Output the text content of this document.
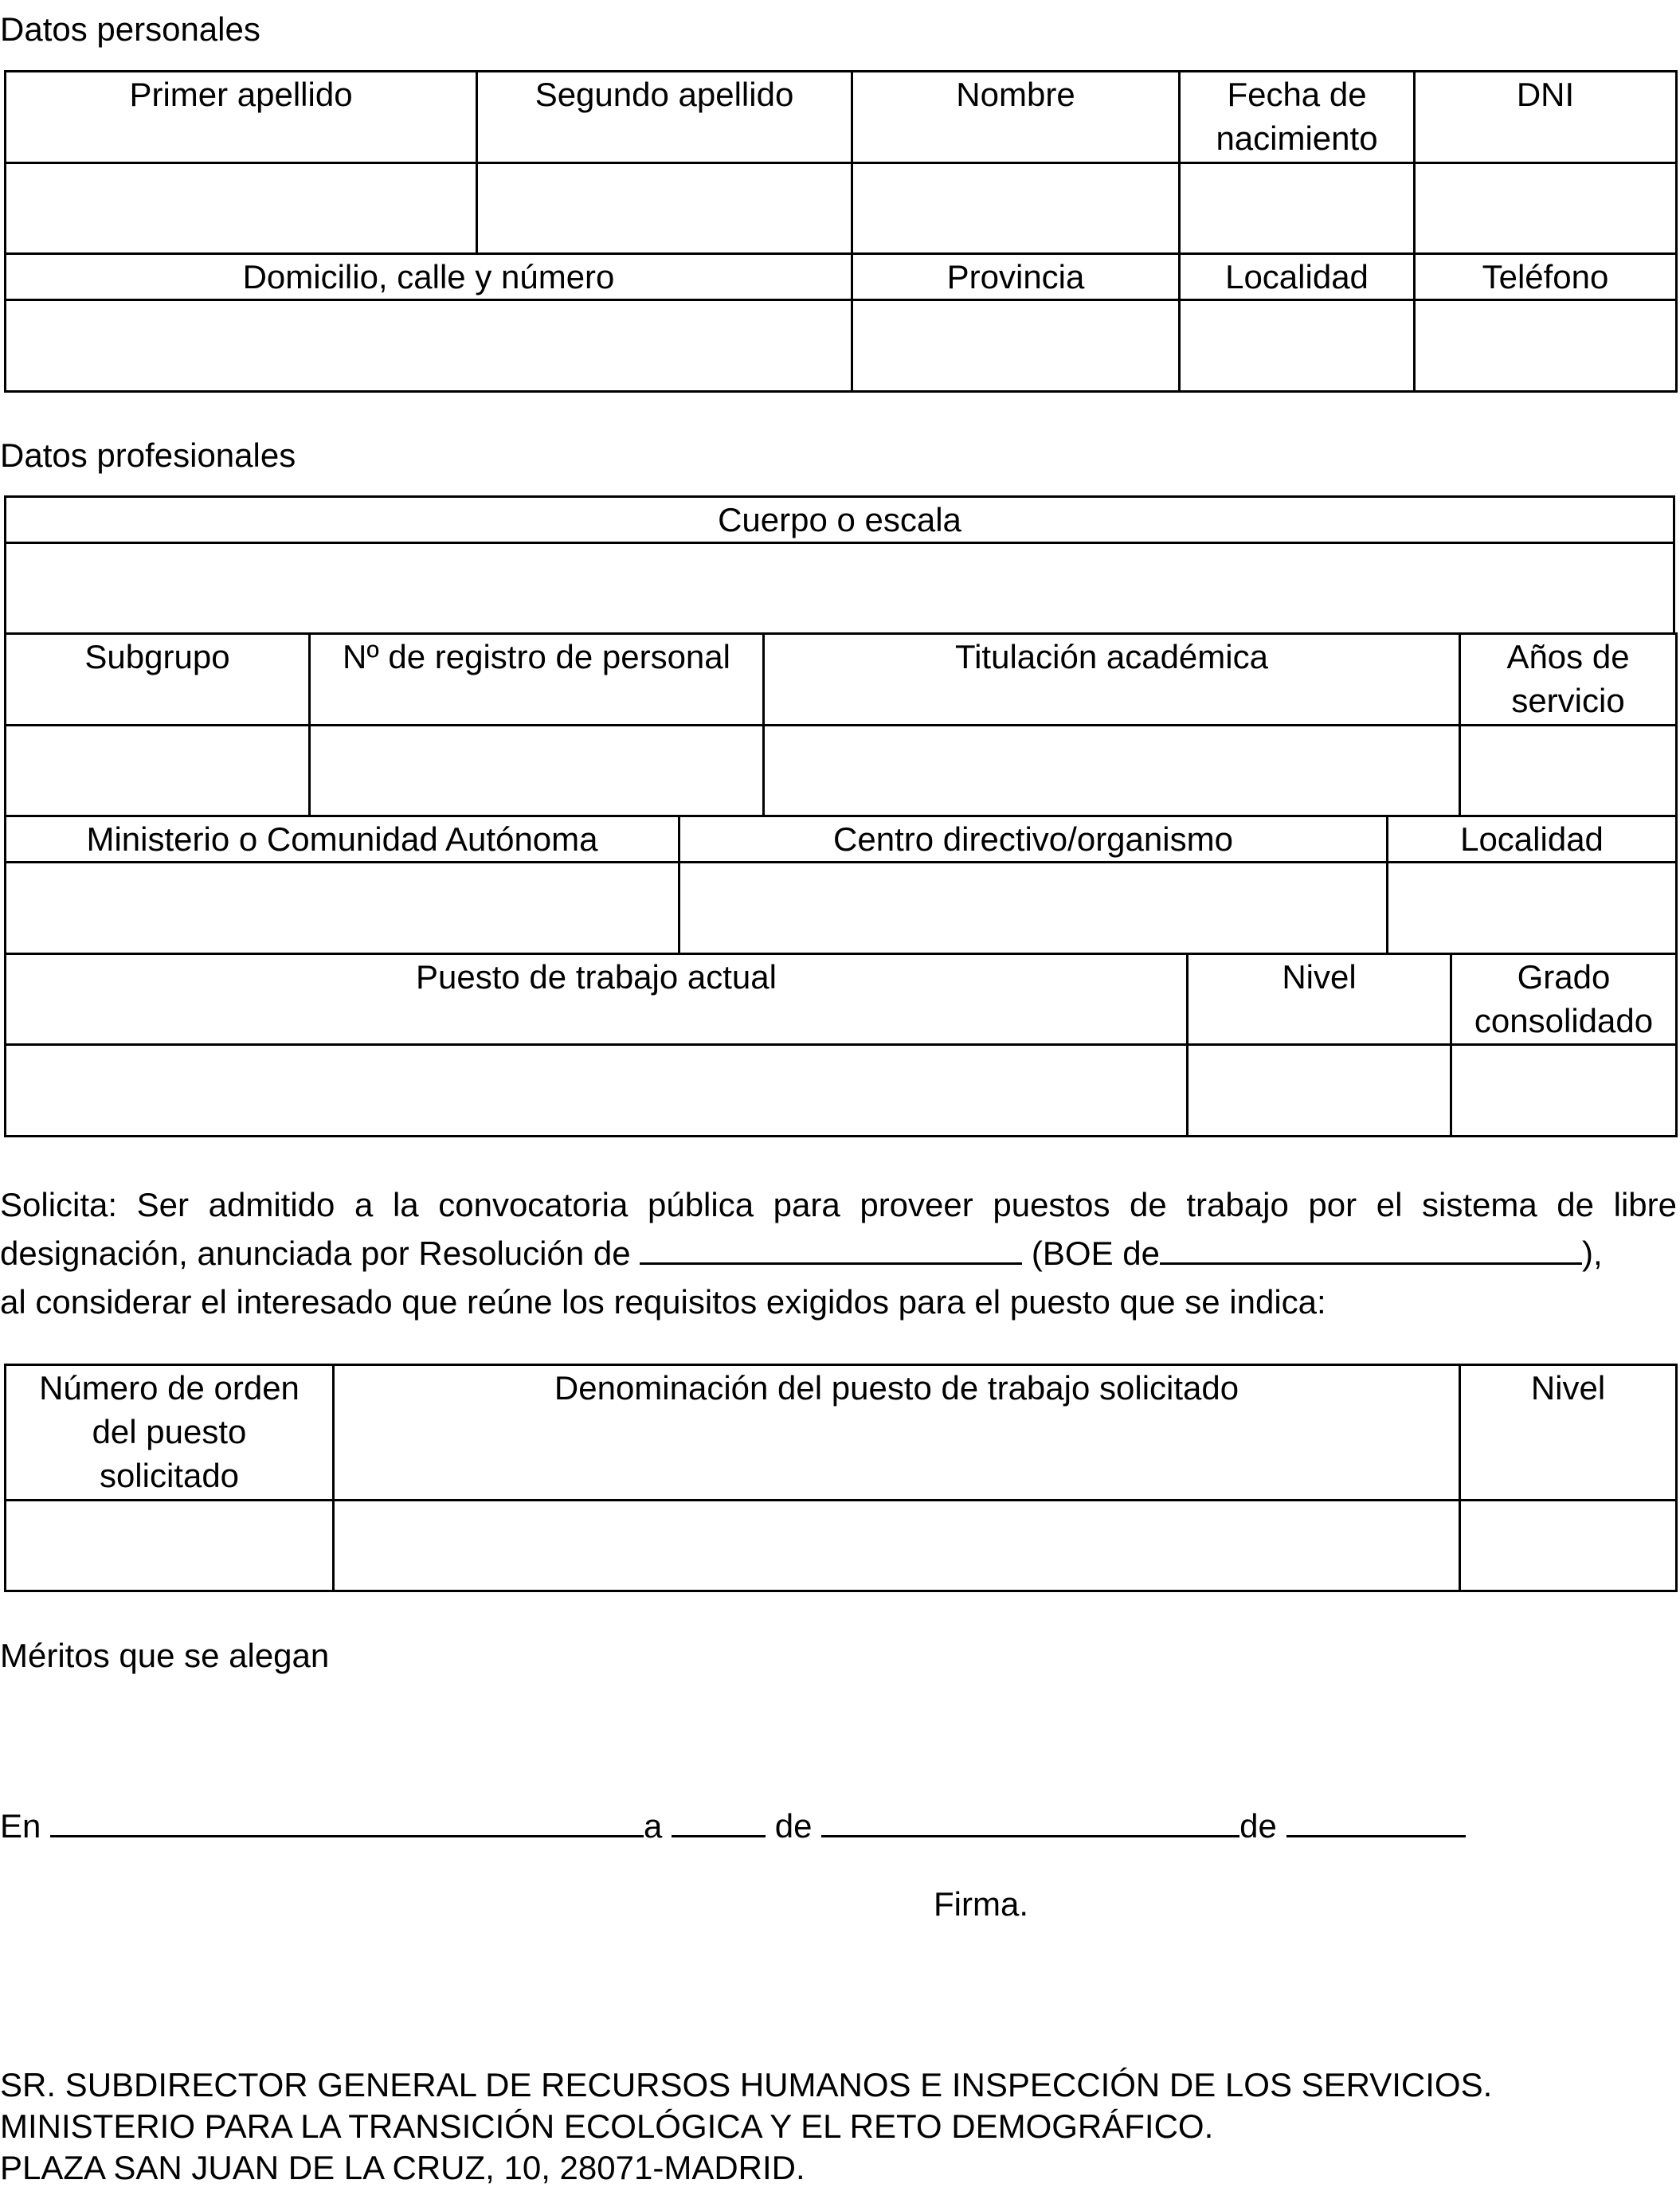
Datos personales
Primer apellido	Segundo apellido	Nombre	Fecha de nacimiento	DNI

Domicilio, calle y número		Provincia	Localidad	Teléfono

Datos profesionales
Cuerpo o escala

Subgrupo	Nº de registro de personal	Titulación académica	Años de servicio

Ministerio o Comunidad Autónoma	Centro directivo/organismo	Localidad

Puesto de trabajo actual	Nivel	Grado consolidado

Solicita: Ser admitido a la convocatoria pública para proveer puestos de trabajo por el sistema de libre
designación, anunciada por Resolución de	(BOE de	),
al considerar el interesado que reúne los requisitos exigidos para el puesto que se indica:
Número de orden del puesto solicitado	Denominación del puesto de trabajo solicitado	Nivel

Méritos que se alegan
En	a	de	de
Firma.
SR. SUBDIRECTOR GENERAL DE RECURSOS HUMANOS E INSPECCIÓN DE LOS SERVICIOS.
MINISTERIO PARA LA TRANSICIÓN ECOLÓGICA Y EL RETO DEMOGRÁFICO.
PLAZA SAN JUAN DE LA CRUZ, 10, 28071-MADRID.
